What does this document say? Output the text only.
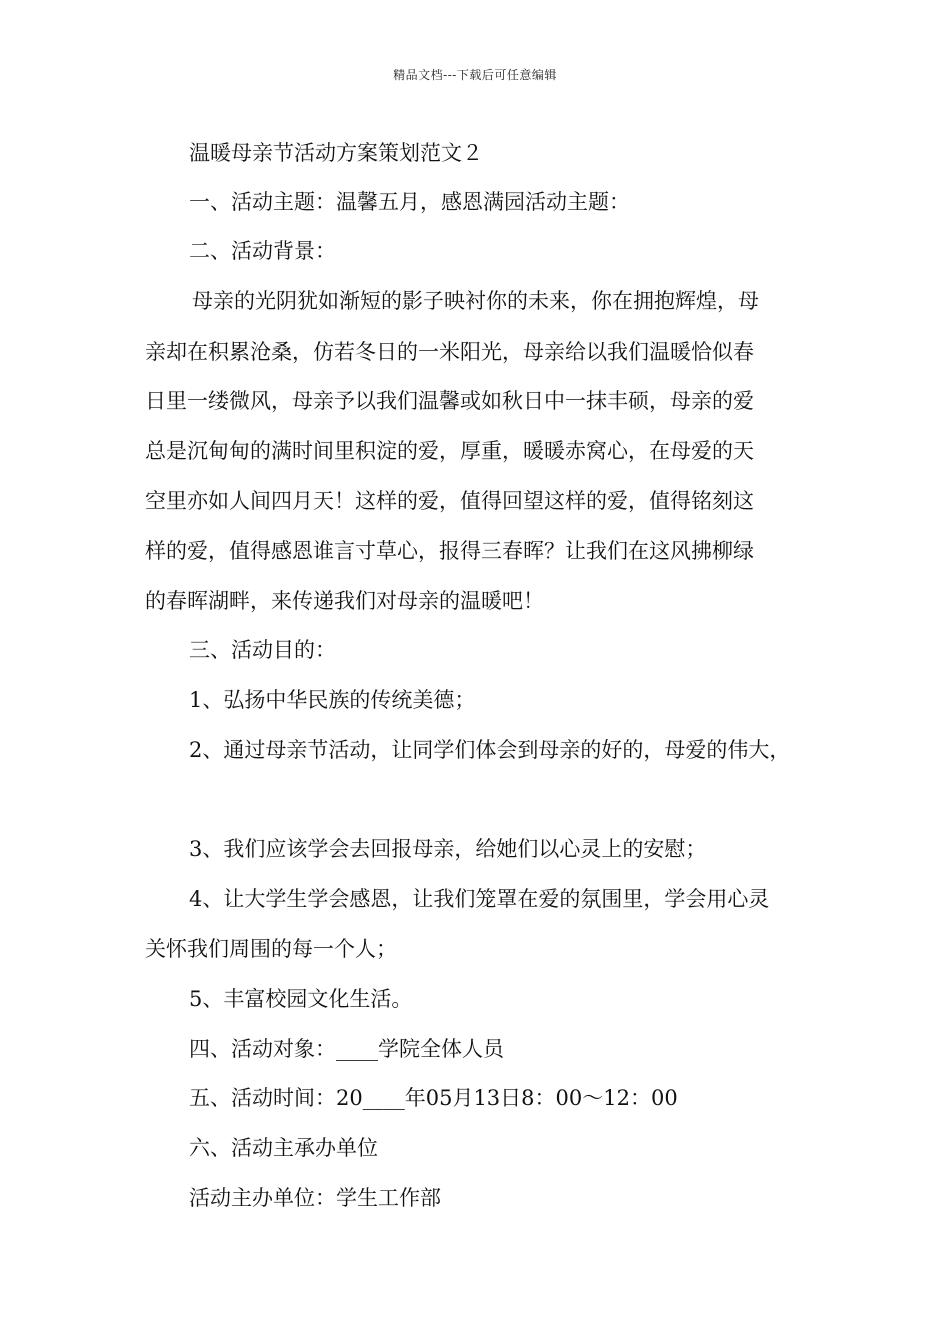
精品文档---下载后可任意编辑
温暖母亲节活动方案策划范文２
一、活动主题：温馨五月，感恩满园活动主题：
二、活动背景：
母亲的光阴犹如渐短的影子映衬你的未来，你在拥抱辉煌，母
亲却在积累沧桑，仿若冬日的一米阳光，母亲给以我们温暖恰似春
日里一缕微风，母亲予以我们温馨或如秋日中一抹丰硕，母亲的爱
总是沉甸甸的满时间里积淀的爱，厚重，暖暖赤窝心，在母爱的天
空里亦如人间四月天！这样的爱，值得回望这样的爱，值得铭刻这
样的爱，值得感恩谁言寸草心，报得三春晖？让我们在这风拂柳绿
的春晖湖畔，来传递我们对母亲的温暖吧！
三、活动目的：
1、弘扬中华民族的传统美德；
2、通过母亲节活动，让同学们体会到母亲的好的，母爱的伟大，
3、我们应该学会去回报母亲，给她们以心灵上的安慰；
4、让大学生学会感恩，让我们笼罩在爱的氛围里，学会用心灵
关怀我们周围的每一个人；
5、丰富校园文化生活。
四、活动对象：____学院全体人员
五、活动时间：20____年05月13日8：00～12：00
六、活动主承办单位
活动主办单位：学生工作部
